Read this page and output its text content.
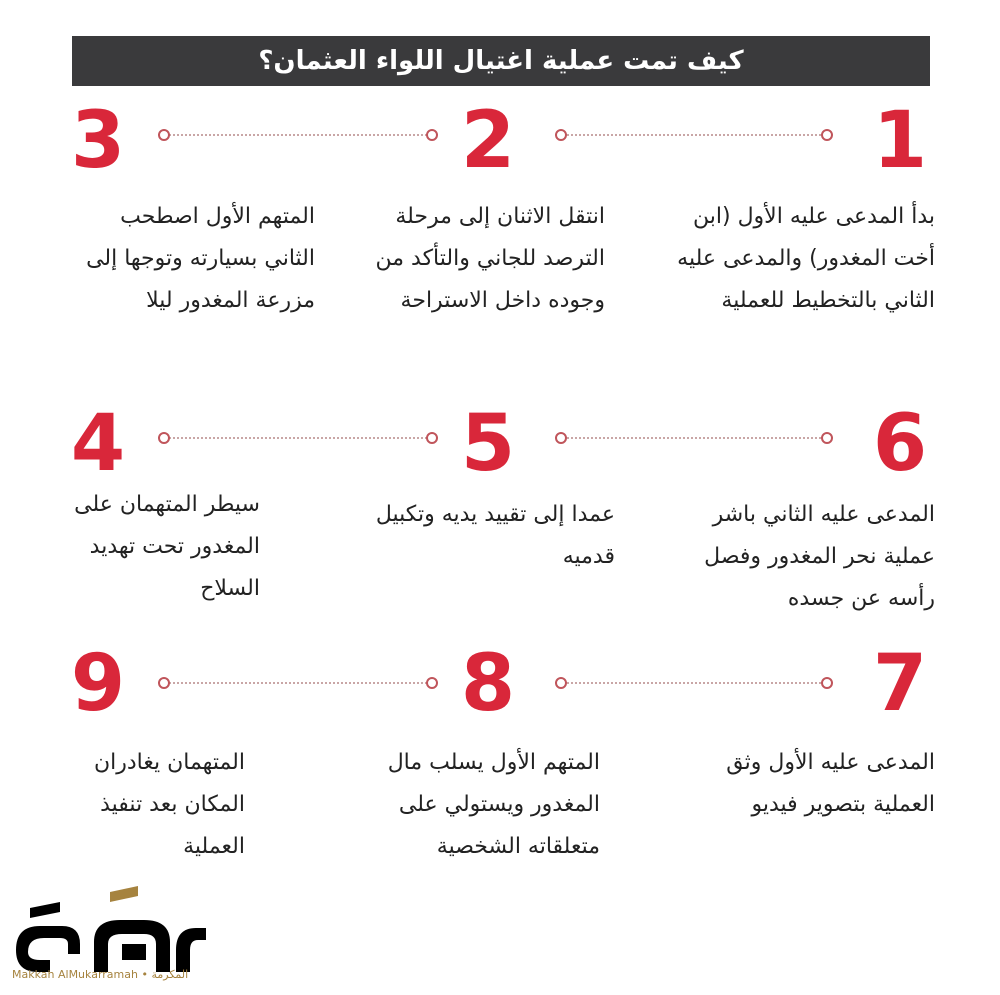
كيف تمت عملية اغتيال اللواء العثمان؟
1
2
3
بدأ المدعى عليه الأول (ابن أخت المغدور) والمدعى عليه الثاني بالتخطيط للعملية
انتقل الاثنان إلى مرحلة الترصد للجاني والتأكد من وجوده داخل الاستراحة
المتهم الأول اصطحب الثاني بسيارته وتوجها إلى مزرعة المغدور ليلا
6
5
4
المدعى عليه الثاني باشر عملية نحر المغدور وفصل رأسه عن جسده
عمدا إلى تقييد يديه وتكبيل قدميه
سيطر المتهمان على المغدور تحت تهديد السلاح
7
8
9
المدعى عليه الأول وثق العملية بتصوير فيديو
المتهم الأول يسلب مال المغدور ويستولي على متعلقاته الشخصية
المتهمان يغادران المكان بعد تنفيذ العملية
Makkah AlMukarramah • المكرمة
